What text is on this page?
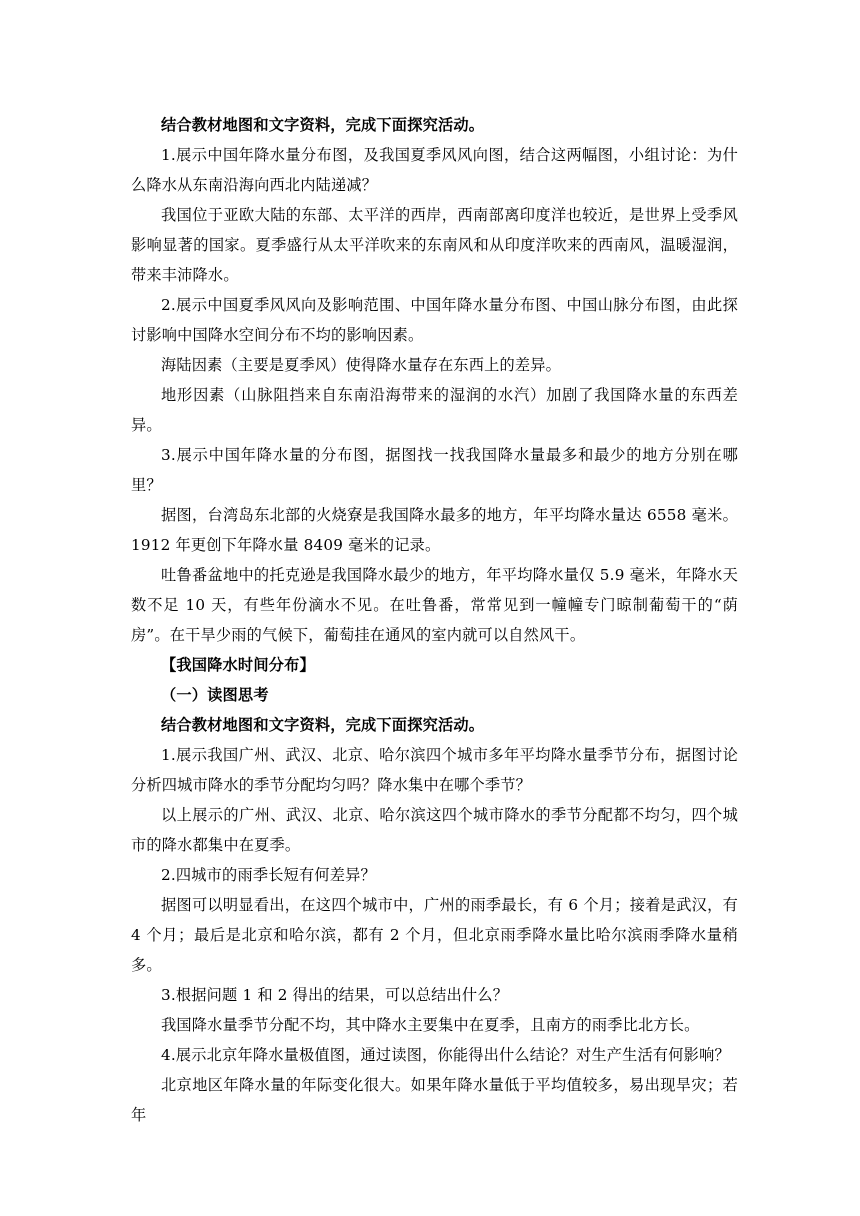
结合教材地图和文字资料，完成下面探究活动。

1.展示中国年降水量分布图，及我国夏季风风向图，结合这两幅图，小组讨论：为什么降水从东南沿海向西北内陆递减？

我国位于亚欧大陆的东部、太平洋的西岸，西南部离印度洋也较近，是世界上受季风影响显著的国家。夏季盛行从太平洋吹来的东南风和从印度洋吹来的西南风，温暖湿润，带来丰沛降水。

2.展示中国夏季风风向及影响范围、中国年降水量分布图、中国山脉分布图，由此探讨影响中国降水空间分布不均的影响因素。

海陆因素（主要是夏季风）使得降水量存在东西上的差异。

地形因素（山脉阻挡来自东南沿海带来的湿润的水汽）加剧了我国降水量的东西差异。

3.展示中国年降水量的分布图，据图找一找我国降水量最多和最少的地方分别在哪里？

据图，台湾岛东北部的火烧寮是我国降水最多的地方，年平均降水量达 6558 毫米。1912 年更创下年降水量 8409 毫米的记录。

吐鲁番盆地中的托克逊是我国降水最少的地方，年平均降水量仅 5.9 毫米，年降水天数不足 10 天，有些年份滴水不见。在吐鲁番，常常见到一幢幢专门晾制葡萄干的“荫房”。在干旱少雨的气候下，葡萄挂在通风的室内就可以自然风干。

【我国降水时间分布】

（一）读图思考

结合教材地图和文字资料，完成下面探究活动。

1.展示我国广州、武汉、北京、哈尔滨四个城市多年平均降水量季节分布，据图讨论分析四城市降水的季节分配均匀吗？降水集中在哪个季节？

以上展示的广州、武汉、北京、哈尔滨这四个城市降水的季节分配都不均匀，四个城市的降水都集中在夏季。

2.四城市的雨季长短有何差异？

据图可以明显看出，在这四个城市中，广州的雨季最长，有 6 个月；接着是武汉，有 4 个月；最后是北京和哈尔滨，都有 2 个月，但北京雨季降水量比哈尔滨雨季降水量稍多。

3.根据问题 1 和 2 得出的结果，可以总结出什么？

我国降水量季节分配不均，其中降水主要集中在夏季，且南方的雨季比北方长。

4.展示北京年降水量极值图，通过读图，你能得出什么结论？对生产生活有何影响？

北京地区年降水量的年际变化很大。如果年降水量低于平均值较多，易出现旱灾；若年
